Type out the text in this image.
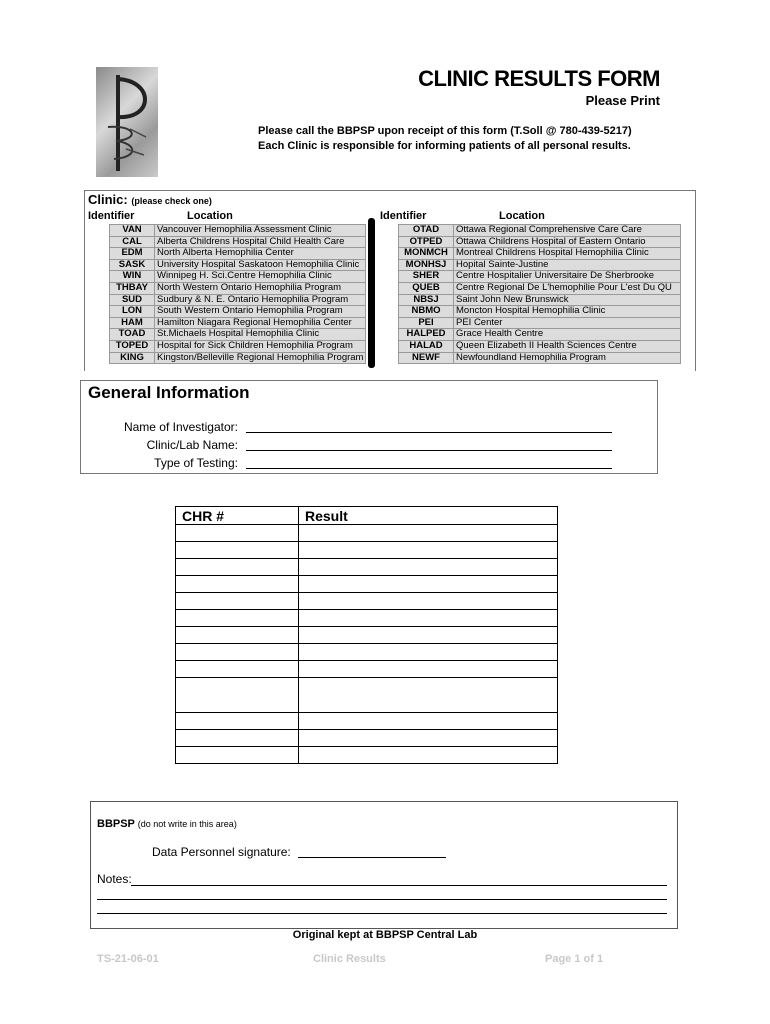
CLINIC RESULTS FORM
Please Print
Please call the BBPSP upon receipt of this form (T.Soll @ 780-439-5217)
Each Clinic is responsible for informing patients of all personal results.
Clinic: (please check one)
Identifier	Location	Identifier	Location
VAN	Vancouver Hemophilia Assessment Clinic
CAL	Alberta Childrens Hospital Child Health Care
EDM	North Alberta Hemophilia Center
SASK	University Hospital Saskatoon Hemophilia Clinic
WIN	Winnipeg H. Sci.Centre Hemophilia Clinic
THBAY	North Western Ontario Hemophilia Program
SUD	Sudbury & N. E. Ontario Hemophilia Program
LON	South Western Ontario Hemophilia Program
HAM	Hamilton Niagara Regional Hemophilia Center
TOAD	St.Michaels Hospital Hemophilia Clinic
TOPED	Hospital for Sick Children Hemophilia Program
KING	Kingston/Belleville Regional Hemophilia Program
OTAD	Ottawa Regional Comprehensive Care Care
OTPED	Ottawa Childrens Hospital of Eastern Ontario
MONMCH	Montreal Childrens Hospital Hemophilia Clinic
MONHSJ	Hopital Sainte-Justine
SHER	Centre Hospitalier Universitaire De Sherbrooke
QUEB	Centre Regional De L'hemophilie Pour L'est Du QU
NBSJ	Saint John New Brunswick
NBMO	Moncton Hospital Hemophilia Clinic
PEI	PEI Center
HALPED	Grace Health Centre
HALAD	Queen Elizabeth II Health Sciences Centre
NEWF	Newfoundland Hemophilia Program
General Information
Name of Investigator:
Clinic/Lab Name:
Type of Testing:
CHR #	Result

BBPSP (do not write in this area)
Data Personnel signature:
Notes:
Original kept at BBPSP Central Lab
TS-21-06-01	Clinic Results	Page 1 of 1
